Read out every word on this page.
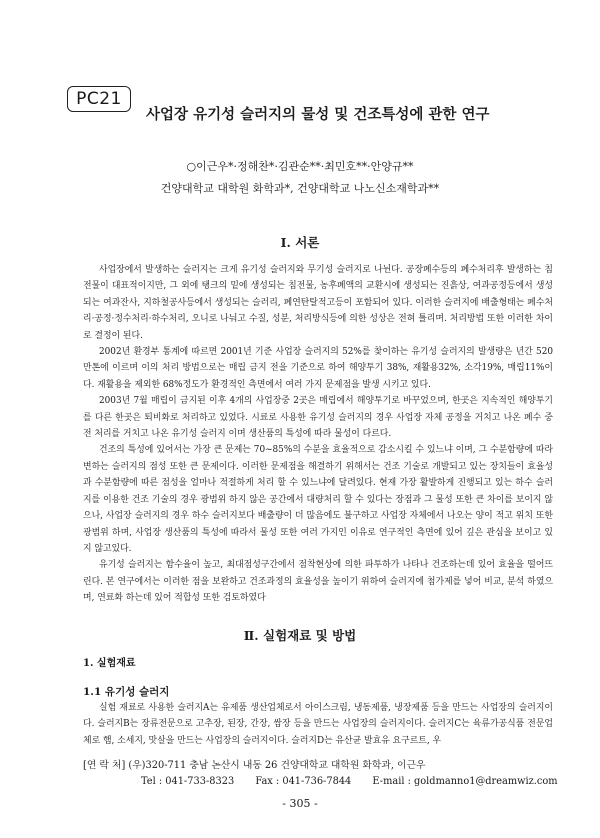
PC21
사업장 유기성 슬러지의 물성 및 건조특성에 관한 연구
○이근우*·정해찬*·김관순**·최민호**·안양규**
건양대학교 대학원 화학과*, 건양대학교 나노신소재학과**
Ⅰ. 서론

사업장에서 발생하는 슬러지는 크게 유기성 슬러지와 무기성 슬러지로 나뉜다. 공장폐수등의 폐수처리후 발생하는 침전물이 대표적이지만, 그 외에 탱크의 밑에 생성되는 침전물, 농후폐액의 교환시에 생성되는 진흙상, 여과공정등에서 생성되는 여과잔사, 지하철공사등에서 생성되는 슬러리, 폐연탄탈적고등이 포함되어 있다. 이러한 슬러지에 배출형태는 폐수처리·공정·정수처리·하수처리, 오니로 나눠고 수질, 성분, 처리방식등에 의한 성상은 전혀 틀리며. 처리방법 또한 이러한 차이로 결정이 된다.

2002년 환경부 통계에 따르면 2001년 기준 사업장 슬러지의 52%를 찾이하는 유기성 슬러지의 발생량은 년간 520만톤에 이르며 이의 처리 방법으로는 매립 금지 전을 기준으로 하여 해양투기 38%, 재활용32%, 소각19%, 매립11%이다. 재활용을 제외한 68%정도가 환경적인 측면에서 여러 가지 문제점을 발생 시키고 있다.

2003년 7월 매립이 금지된 이후 4개의 사업장중 2곳은 매립에서 해양투기로 바꾸었으며, 한곳은 지속적인 해양투기를 다른 한곳은 퇴비화로 처리하고 있었다. 시료로 사용한 유기성 슬러지의 경우 사업장 자체 공정을 거치고 나온 폐수 중 전 처리를 거치고 나온 유기성 슬러지 이며 생산품의 특성에 따라 물성이 다르다.

건조의 특성에 있어서는 가장 큰 문제는 70~85%의 수분을 효율적으로 감소시킬 수 있느냐 이며, 그 수분함량에 따라 변하는 슬러지의 점성 또한 큰 문제이다. 이러한 문제점을 해결하기 위해서는 건조 기술로 개발되고 있는 장치들이 효율성과 수분함량에 따른 점성을 얼마나 적절하게 처리 할 수 있느냐에 달려있다. 현재 가장 활발하게 진행되고 있는 하수 슬러지를 이용한 건조 기술의 경우 광범위 하지 않은 공간에서 대량처리 할 수 있다는 장점과 그 물성 또한 큰 차이를 보이지 않으나, 사업장 슬러지의 경우 하수 슬러지보다 배출량이 더 많음에도 불구하고 사업장 자체에서 나오는 양이 적고 위치 또한 광범위 하며, 사업장 생산품의 특성에 따라서 물성 또한 여러 가지인 이유로 연구적인 측면에 있어 깊은 관심을 보이고 있지 않고있다.

유기성 슬러지는 함수율이 높고, 최대점성구간에서 점착현상에 의한 파투하가 나타나 건조하는데 있어 효율을 떨어뜨린다. 본 연구에서는 이러한 점을 보완하고 건조과정의 효율성을 높이기 위하여 슬러지에 첨가제를 넣어 비교, 분석 하였으며, 연료화 하는데 있어 적합성 또한 검토하였다

Ⅱ. 실험재료 및 방법
1. 실험재료
1.1 유기성 슬러지

실험 재료로 사용한 슬러지A는 유제품 생산업체로서 아이스크림, 냉동제품, 냉장제품 등을 만드는 사업장의 슬러지이다. 슬러지B는 장류전문으로 고추장, 된장, 간장, 쌈장 등을 만드는 사업장의 슬러지이다. 슬러지C는 육류가공식품 전문업체로 햄, 소세지, 맛살을 만드는 사업장의 슬러지이다. 슬러지D는 유산균 발효유 요구르트, 우

[연 락 처] (우)320-711 충남 논산시 내동 26 건양대학교 대학원 화학과, 이근우
Tel : 041-733-8323 Fax : 041-736-7844 E-mail : goldmanno1@dreamwiz.com
- 305 -
